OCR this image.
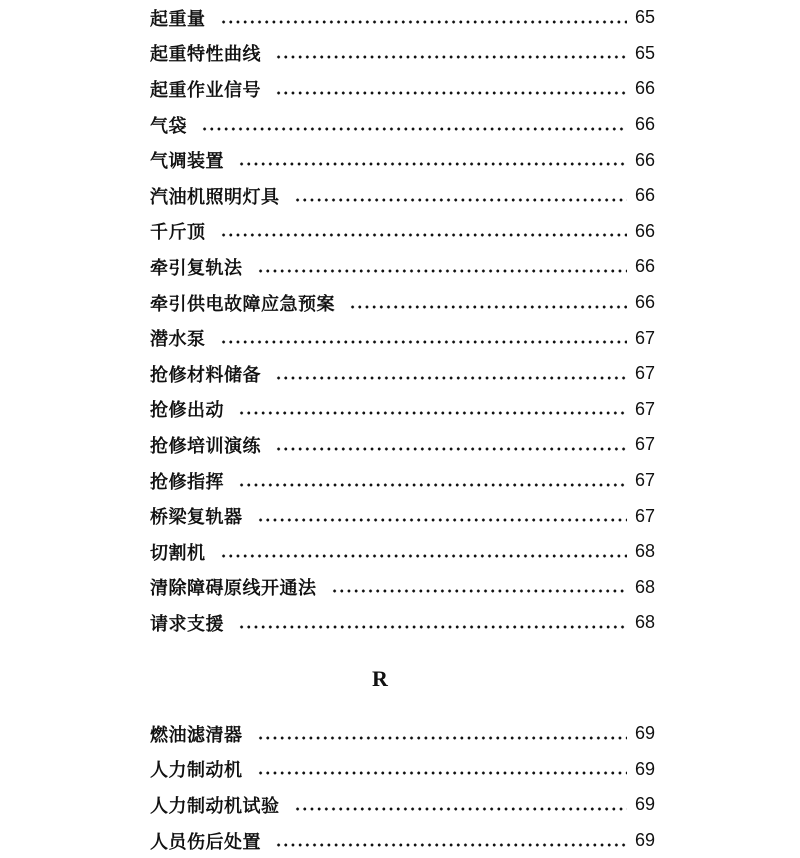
起重量	65
起重特性曲线	65
起重作业信号	66
气袋	66
气调装置	66
汽油机照明灯具	66
千斤顶	66
牵引复轨法	66
牵引供电故障应急预案	66
潜水泵	67
抢修材料储备	67
抢修出动	67
抢修培训演练	67
抢修指挥	67
桥梁复轨器	67
切割机	68
清除障碍原线开通法	68
请求支援	68
R
燃油滤清器	69
人力制动机	69
人力制动机试验	69
人员伤后处置	69
